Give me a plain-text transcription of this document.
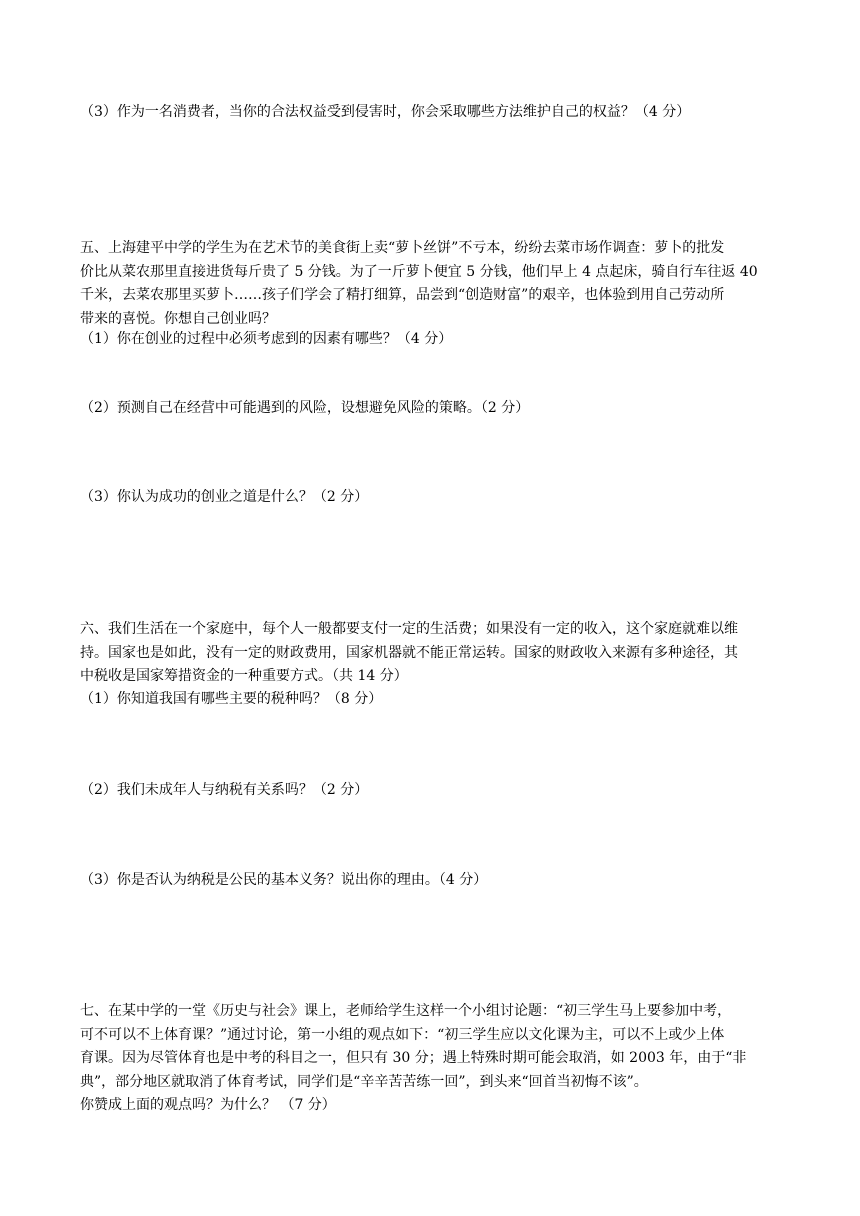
（3）作为一名消费者，当你的合法权益受到侵害时，你会采取哪些方法维护自己的权益？（4 分）
五、上海建平中学的学生为在艺术节的美食街上卖“萝卜丝饼”不亏本，纷纷去菜市场作调查：萝卜的批发
价比从菜农那里直接进货每斤贵了 5 分钱。为了一斤萝卜便宜 5 分钱，他们早上 4 点起床，骑自行车往返 40
千米，去菜农那里买萝卜……孩子们学会了精打细算，品尝到“创造财富”的艰辛，也体验到用自己劳动所
带来的喜悦。你想自己创业吗？
（1）你在创业的过程中必须考虑到的因素有哪些？（4 分）
（2）预测自己在经营中可能遇到的风险，设想避免风险的策略。（2 分）
（3）你认为成功的创业之道是什么？（2 分）
六、我们生活在一个家庭中，每个人一般都要支付一定的生活费；如果没有一定的收入，这个家庭就难以维
持。国家也是如此，没有一定的财政费用，国家机器就不能正常运转。国家的财政收入来源有多种途径，其
中税收是国家筹措资金的一种重要方式。（共 14 分）
（1）你知道我国有哪些主要的税种吗？（8 分）
（2）我们未成年人与纳税有关系吗？（2 分）
（3）你是否认为纳税是公民的基本义务？说出你的理由。（4 分）
七、在某中学的一堂《历史与社会》课上，老师给学生这样一个小组讨论题：“初三学生马上要参加中考，
可不可以不上体育课？”通过讨论，第一小组的观点如下：“初三学生应以文化课为主，可以不上或少上体
育课。因为尽管体育也是中考的科目之一，但只有 30 分；遇上特殊时期可能会取消，如 2003 年，由于“非
典”，部分地区就取消了体育考试，同学们是“辛辛苦苦练一回”，到头来“回首当初悔不该”。
你赞成上面的观点吗？为什么？ （7 分）
